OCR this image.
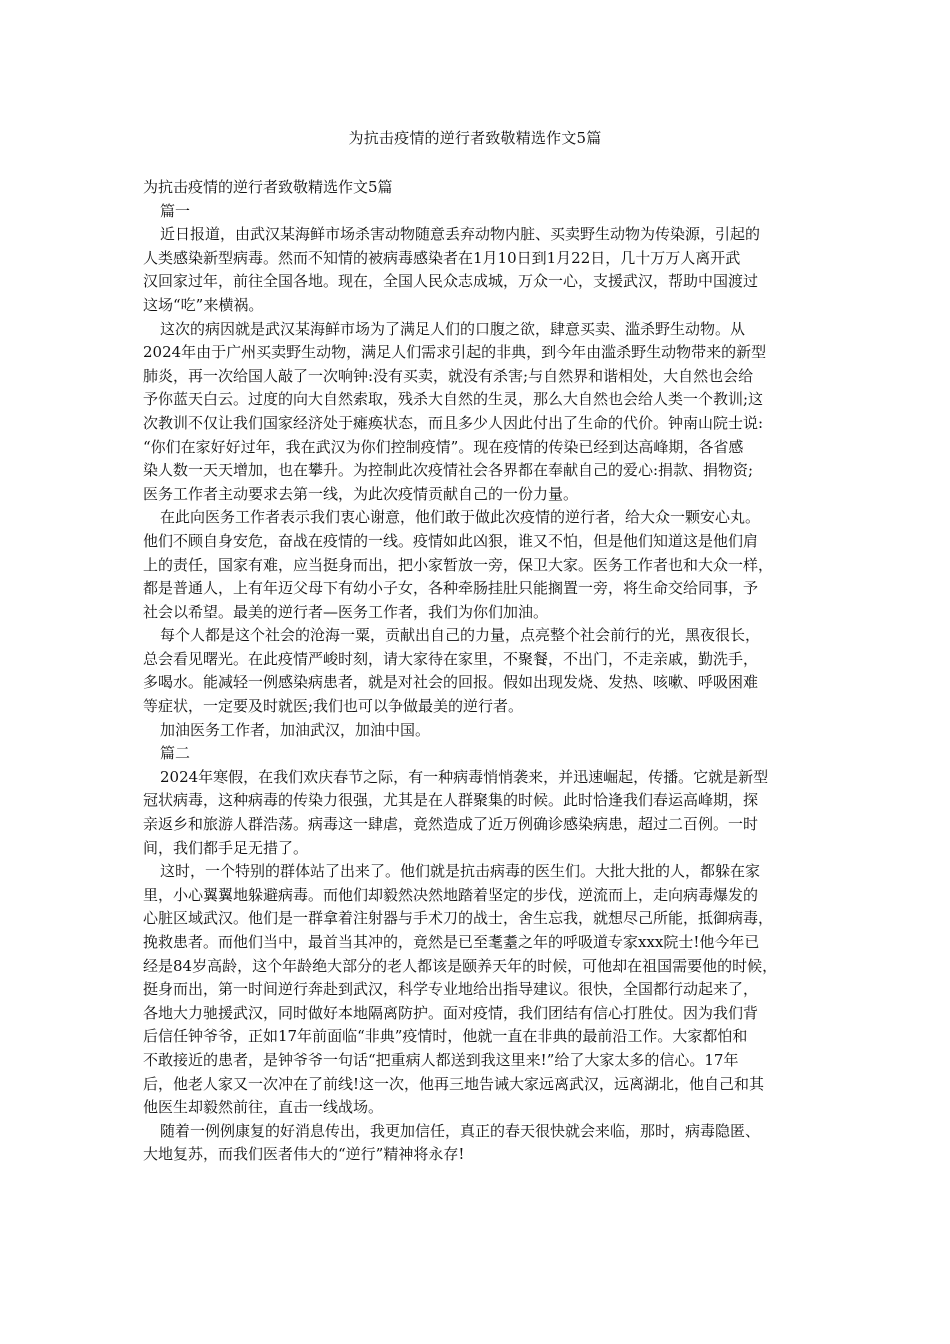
为抗击疫情的逆行者致敬精选作文5篇

为抗击疫情的逆行者致敬精选作文5篇

篇一

近日报道，由武汉某海鲜市场杀害动物随意丢弃动物内脏、买卖野生动物为传染源，引起的
人类感染新型病毒。然而不知情的被病毒感染者在1月10日到1月22日，几十万万人离开武
汉回家过年，前往全国各地。现在，全国人民众志成城，万众一心，支援武汉，帮助中国渡过
这场“吃”来横祸。

这次的病因就是武汉某海鲜市场为了满足人们的口腹之欲，肆意买卖、滥杀野生动物。从
2024年由于广州买卖野生动物，满足人们需求引起的非典，到今年由滥杀野生动物带来的新型
肺炎，再一次给国人敲了一次响钟:没有买卖，就没有杀害;与自然界和谐相处，大自然也会给
予你蓝天白云。过度的向大自然索取，残杀大自然的生灵，那么大自然也会给人类一个教训;这
次教训不仅让我们国家经济处于瘫痪状态，而且多少人因此付出了生命的代价。钟南山院士说:
“你们在家好好过年，我在武汉为你们控制疫情”。现在疫情的传染已经到达高峰期，各省感
染人数一天天增加，也在攀升。为控制此次疫情社会各界都在奉献自己的爱心:捐款、捐物资;
医务工作者主动要求去第一线，为此次疫情贡献自己的一份力量。

在此向医务工作者表示我们衷心谢意，他们敢于做此次疫情的逆行者，给大众一颗安心丸。
他们不顾自身安危，奋战在疫情的一线。疫情如此凶狠，谁又不怕，但是他们知道这是他们肩
上的责任，国家有难，应当挺身而出，把小家暂放一旁，保卫大家。医务工作者也和大众一样，
都是普通人，上有年迈父母下有幼小子女，各种牵肠挂肚只能搁置一旁，将生命交给同事，予
社会以希望。最美的逆行者—医务工作者，我们为你们加油。

每个人都是这个社会的沧海一粟，贡献出自己的力量，点亮整个社会前行的光，黑夜很长，
总会看见曙光。在此疫情严峻时刻，请大家待在家里，不聚餐，不出门，不走亲戚，勤洗手，
多喝水。能减轻一例感染病患者，就是对社会的回报。假如出现发烧、发热、咳嗽、呼吸困难
等症状，一定要及时就医;我们也可以争做最美的逆行者。

加油医务工作者，加油武汉，加油中国。

篇二

2024年寒假，在我们欢庆春节之际，有一种病毒悄悄袭来，并迅速崛起，传播。它就是新型
冠状病毒，这种病毒的传染力很强，尤其是在人群聚集的时候。此时恰逢我们春运高峰期，探
亲返乡和旅游人群浩荡。病毒这一肆虐，竟然造成了近万例确诊感染病患，超过二百例。一时
间，我们都手足无措了。

这时，一个特别的群体站了出来了。他们就是抗击病毒的医生们。大批大批的人，都躲在家
里，小心翼翼地躲避病毒。而他们却毅然决然地踏着坚定的步伐，逆流而上，走向病毒爆发的
心脏区域武汉。他们是一群拿着注射器与手术刀的战士，舍生忘我，就想尽己所能，抵御病毒，
挽救患者。而他们当中，最首当其冲的，竟然是已至耄耋之年的呼吸道专家xxx院士!他今年已
经是84岁高龄，这个年龄绝大部分的老人都该是颐养天年的时候，可他却在祖国需要他的时候，
挺身而出，第一时间逆行奔赴到武汉，科学专业地给出指导建议。很快，全国都行动起来了，
各地大力驰援武汉，同时做好本地隔离防护。面对疫情，我们团结有信心打胜仗。因为我们背
后信任钟爷爷，正如17年前面临“非典”疫情时，他就一直在非典的最前沿工作。大家都怕和
不敢接近的患者，是钟爷爷一句话“把重病人都送到我这里来!”给了大家太多的信心。17年
后，他老人家又一次冲在了前线!这一次，他再三地告诫大家远离武汉，远离湖北，他自己和其
他医生却毅然前往，直击一线战场。

随着一例例康复的好消息传出，我更加信任，真正的春天很快就会来临，那时，病毒隐匿、
大地复苏，而我们医者伟大的“逆行”精神将永存!
